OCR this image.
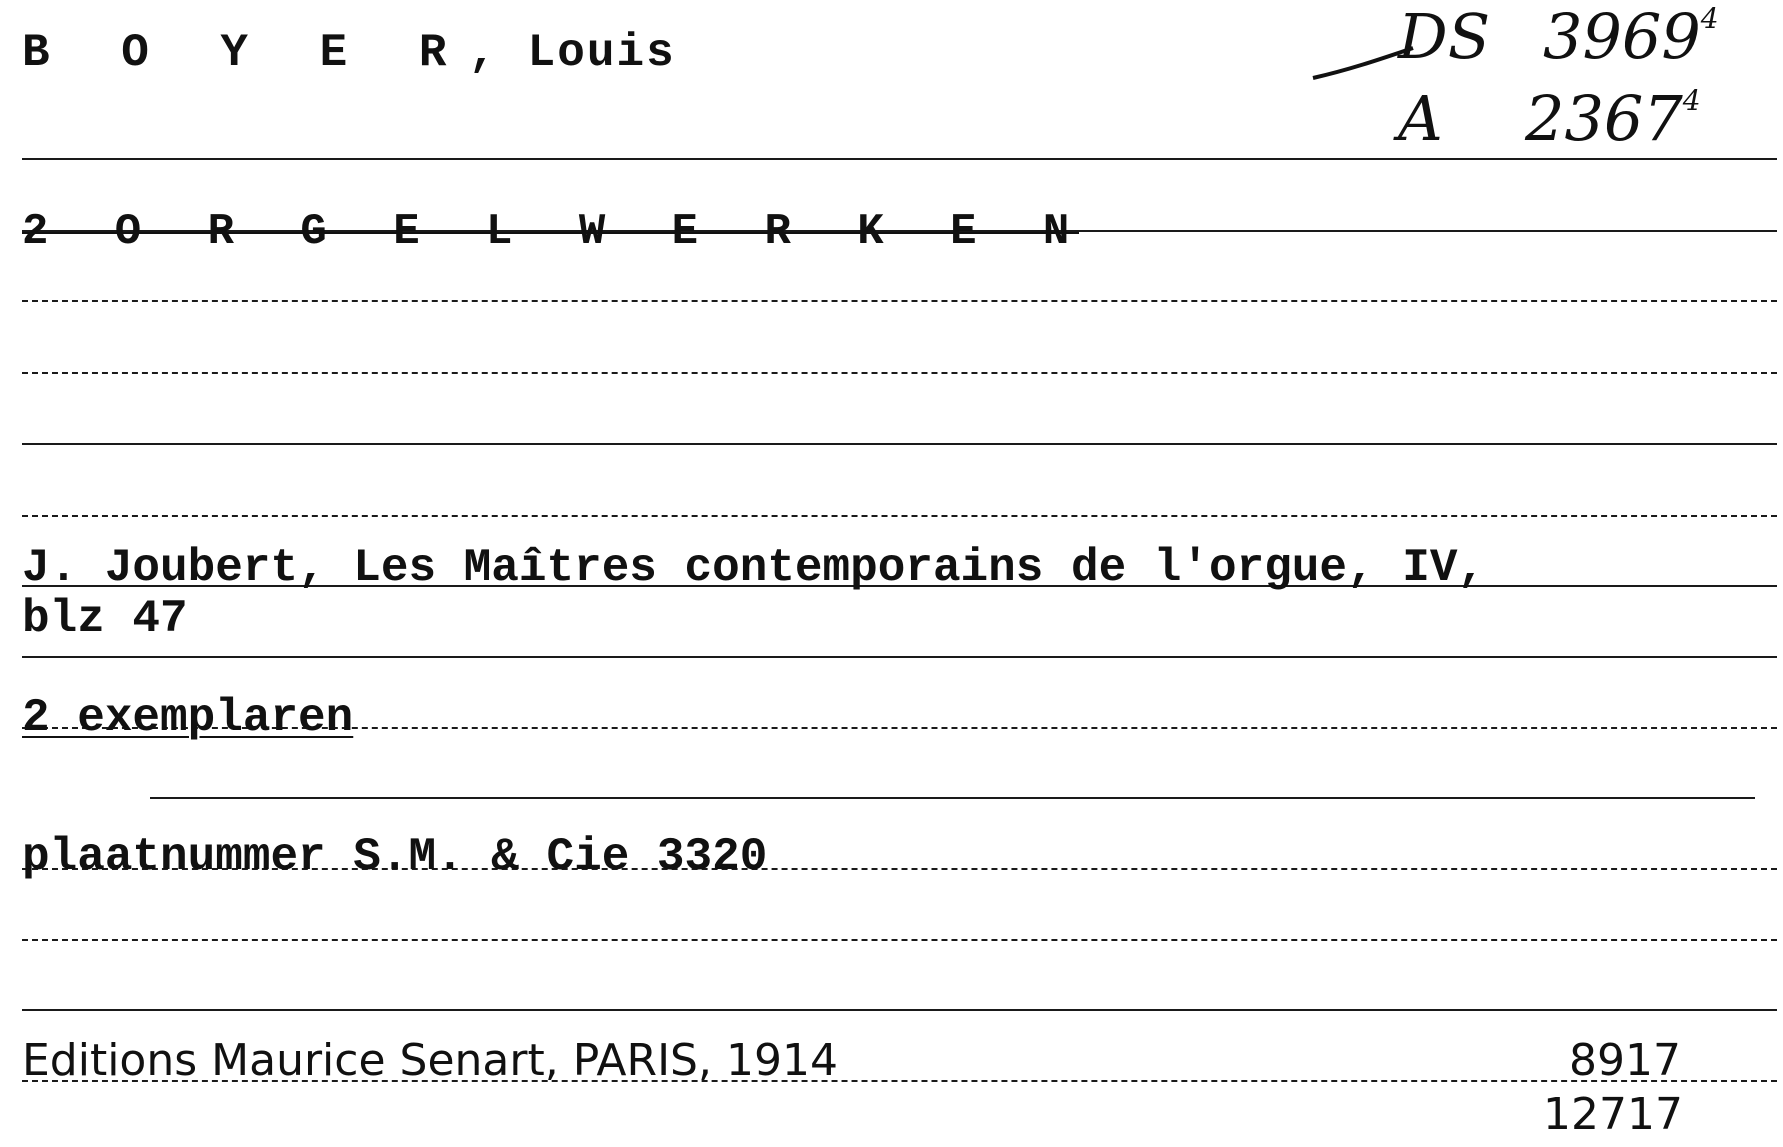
B O Y E R, Louis	DS 3969$^4$
A 2367$^4$
2 O R G E L W E R K E N
J. Joubert, Les Maîtres contemporains de l'orgue, IV,
blz 47
2 exemplaren
plaatnummer S.M. & Cie 3320
Editions Maurice Senart, PARIS, 1914	8917
12717
